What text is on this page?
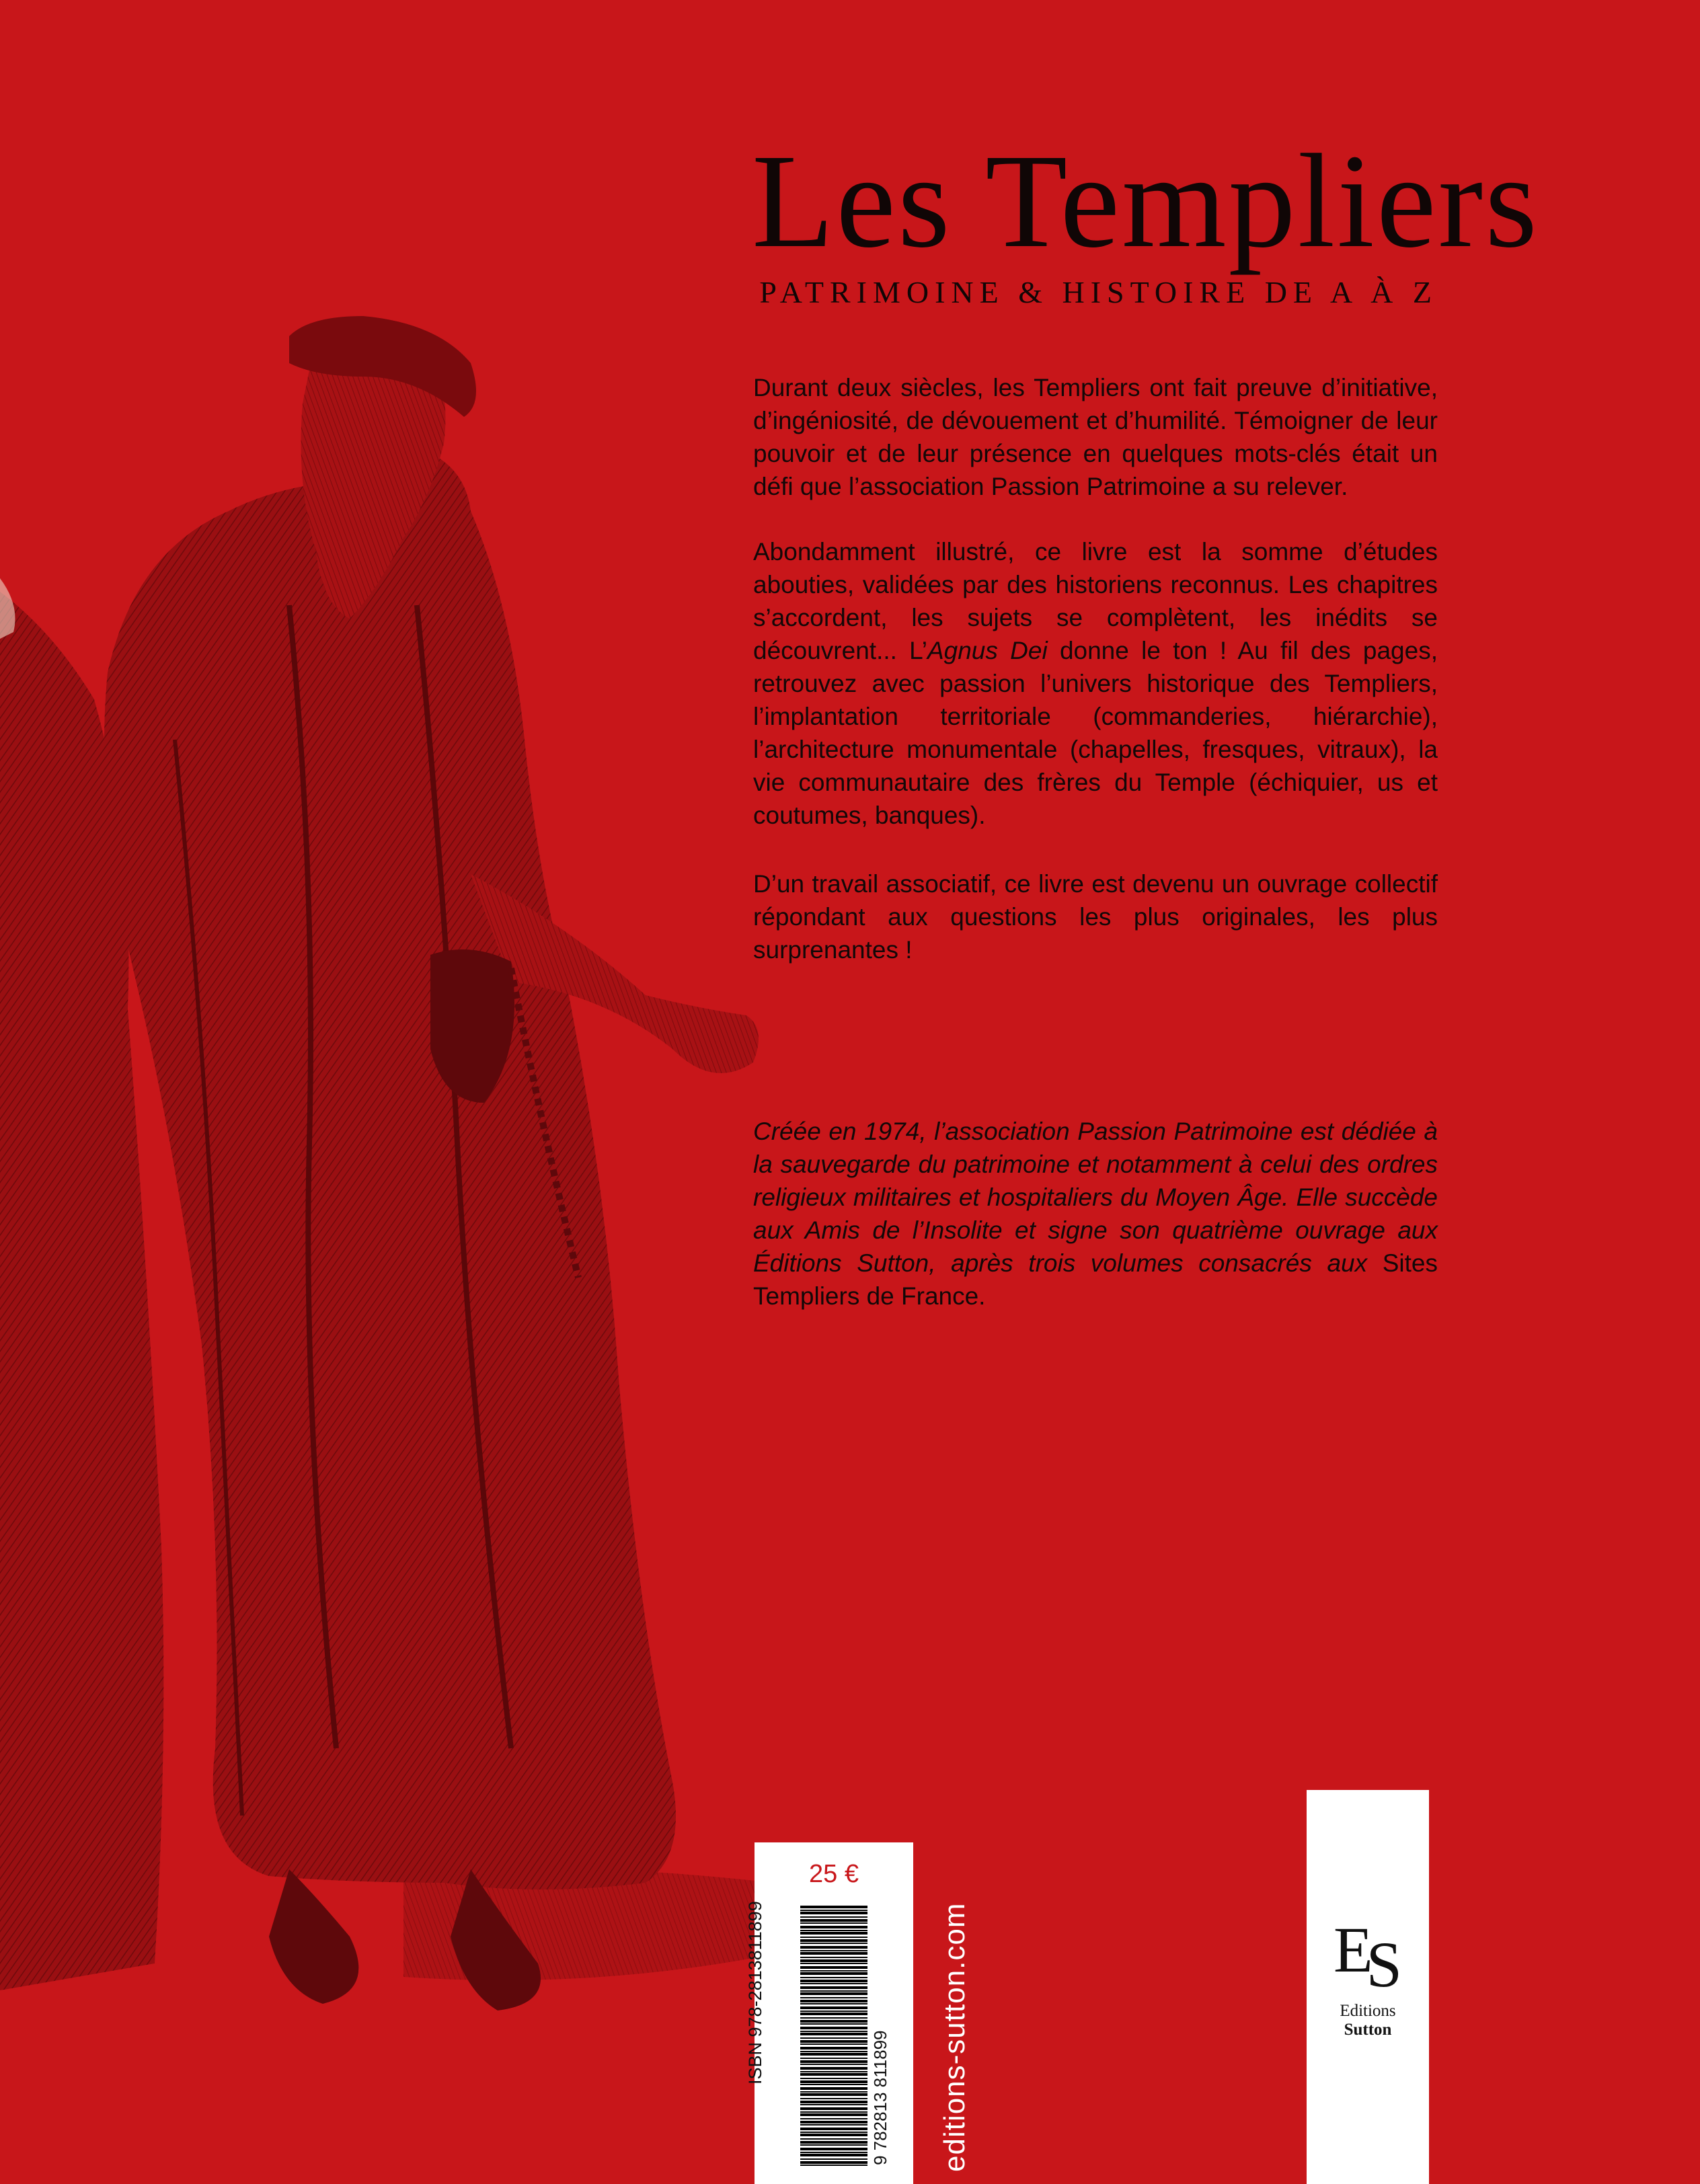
Les Templiers
PATRIMOINE & HISTOIRE DE A À Z

Durant deux siècles, les Templiers ont fait preuve d’initiative, d’ingéniosité, de dévouement et d’humilité. Témoigner de leur pouvoir et de leur présence en quelques mots-clés était un défi que l’association Passion Patrimoine a su relever.

Abondamment illustré, ce livre est la somme d’études abouties, validées par des historiens reconnus. Les chapitres s’accordent, les sujets se complètent, les inédits se découvrent... L’Agnus Dei donne le ton ! Au fil des pages, retrouvez avec passion l’univers historique des Templiers, l’implantation territoriale (commanderies, hiérarchie), l’architecture monumentale (chapelles, fresques, vitraux), la vie communautaire des frères du Temple (échiquier, us et coutumes, banques).

D’un travail associatif, ce livre est devenu un ouvrage collectif répondant aux questions les plus originales, les plus surprenantes !

Créée en 1974, l’association Passion Patrimoine est dédiée à la sauvegarde du patrimoine et notamment à celui des ordres religieux militaires et hospitaliers du Moyen Âge. Elle succède aux Amis de l’Insolite et signe son quatrième ouvrage aux Éditions Sutton, après trois volumes consacrés aux Sites Templiers de France.

25 €
9 782813 811899
ISBN 978-2813811899	editions-sutton.com	ES
Editions
Sutton
